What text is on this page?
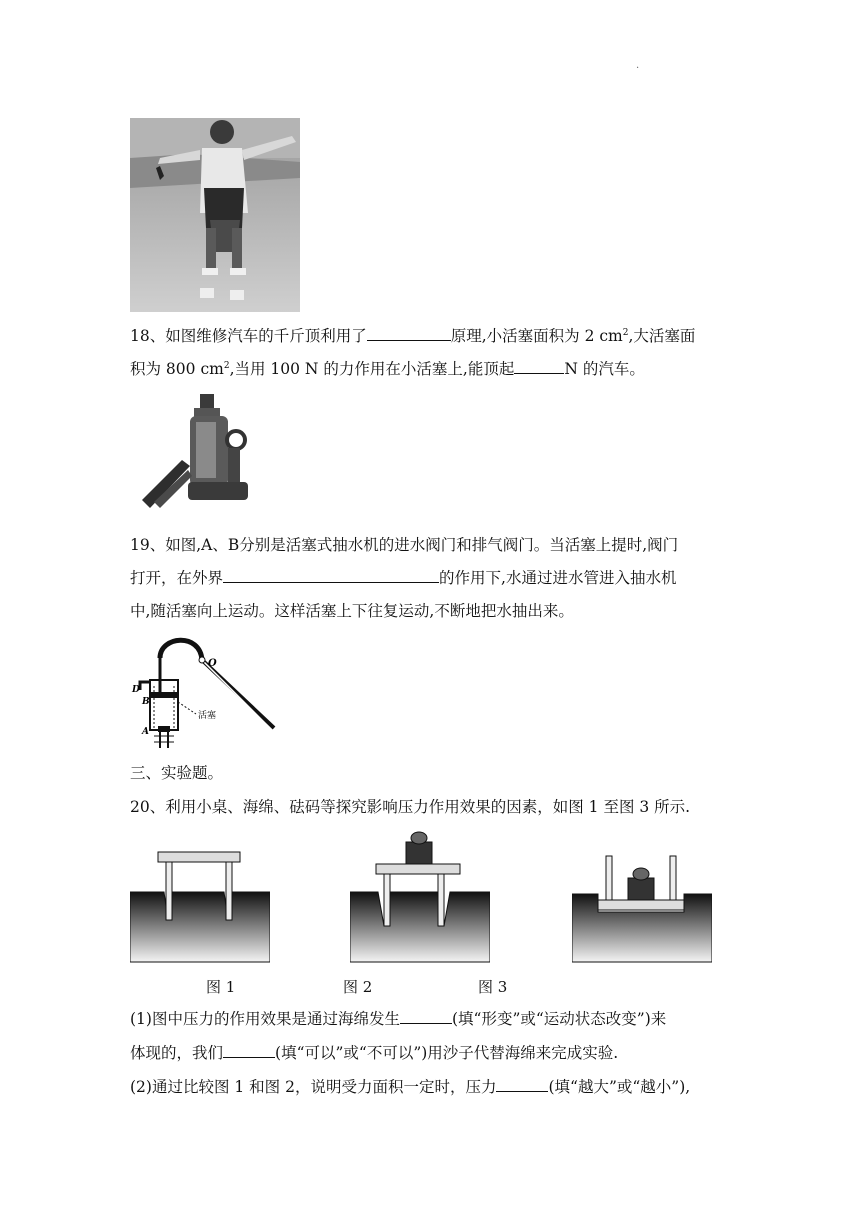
.
18、如图维修汽车的千斤顶利用了	原理,小活塞面积为 2 $cm^2$,大活塞面
积为 800 $cm^2$,当用 100 N 的力作用在小活塞上,能顶起	N 的汽车。
19、如图,A、B分别是活塞式抽水机的进水阀门和排气阀门。当活塞上提时,阀门
打开，在外界	的作用下,水通过进水管进入抽水机
中,随活塞向上运动。这样活塞上下往复运动,不断地把水抽出来。
O
D
B
活塞
A
三、实验题。
20、利用小桌、海绵、砝码等探究影响压力作用效果的因素，如图 1 至图 3 所示.
图 1	图 2	图 3
(1)图中压力的作用效果是通过海绵发生	(填“形变”或“运动状态改变”)来
体现的，我们	(填“可以”或“不可以”)用沙子代替海绵来完成实验.
(2)通过比较图 1 和图 2，说明受力面积一定时，压力	(填“越大”或“越小”),
